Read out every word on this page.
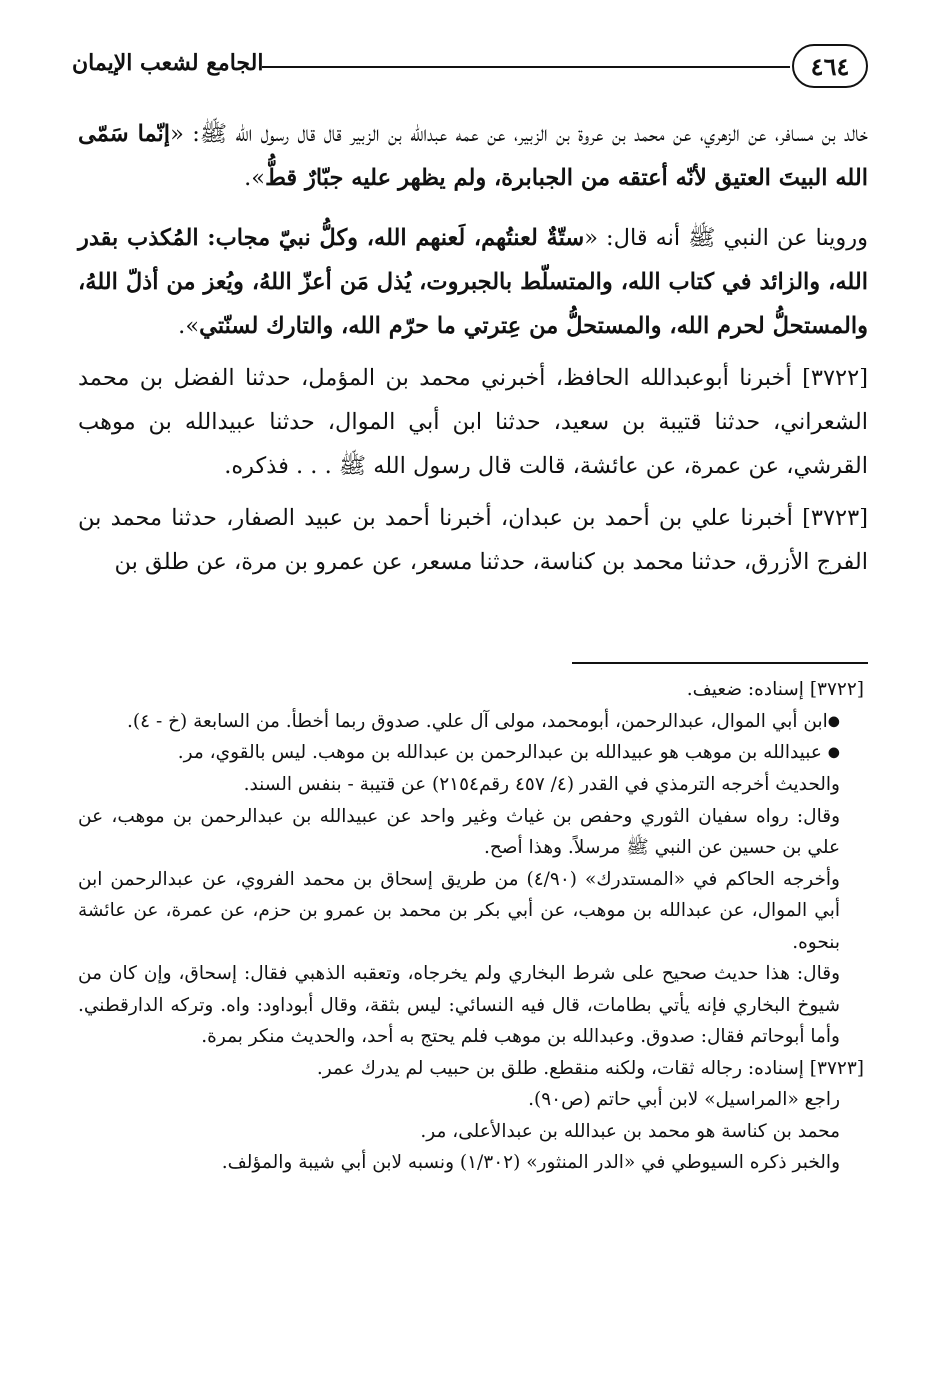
٤٦٤
الجامع لشعب الإيمان

خالد بن مسافر، عن الزهري، عن محمد بن عروة بن الزبير، عن عمه عبدالله بن الزبير قال قال رسول الله ﷺ: «إنّما سَمّى الله البيتَ العتيق لأنّه أعتقه من الجبابرة، ولم يظهر عليه جبّارٌ قطُّ».

وروينا عن النبي ﷺ أنه قال: «ستّةٌ لعنتُهم، لَعنهم الله، وكلُّ نبيّ مجاب: المُكذب بقدر الله، والزائد في كتاب الله، والمتسلّط بالجبروت، يُذل مَن أعزّ اللهُ، ويُعز من أذلّ اللهُ، والمستحلُّ لحرم الله، والمستحلُّ من عِترتي ما حرّم الله، والتارك لسنّتي».

[٣٧٢٢] أخبرنا أبوعبدالله الحافظ، أخبرني محمد بن المؤمل، حدثنا الفضل بن محمد الشعراني، حدثنا قتيبة بن سعيد، حدثنا ابن أبي الموال، حدثنا عبيدالله بن موهب القرشي، عن عمرة، عن عائشة، قالت قال رسول الله ﷺ . . . فذكره.

[٣٧٢٣] أخبرنا علي بن أحمد بن عبدان، أخبرنا أحمد بن عبيد الصفار، حدثنا محمد بن الفرج الأزرق، حدثنا محمد بن كناسة، حدثنا مسعر، عن عمرو بن مرة، عن طلق بن

[٣٧٢٢] إسناده: ضعيف.

●ابن أبي الموال، عبدالرحمن، أبومحمد، مولى آل علي. صدوق ربما أخطأ. من السابعة (خ - ٤).

● عبيدالله بن موهب هو عبيدالله بن عبدالرحمن بن عبدالله بن موهب. ليس بالقوي، مر.

والحديث أخرجه الترمذي في القدر (٤/ ٤٥٧ رقم٢١٥٤) عن قتيبة - بنفس السند.

وقال: رواه سفيان الثوري وحفص بن غياث وغير واحد عن عبيدالله بن عبدالرحمن بن موهب، عن علي بن حسين عن النبي ﷺ مرسلاً. وهذا أصح.

وأخرجه الحاكم في «المستدرك» (٤/٩٠) من طريق إسحاق بن محمد الفروي، عن عبدالرحمن ابن أبي الموال، عن عبدالله بن موهب، عن أبي بكر بن محمد بن عمرو بن حزم، عن عمرة، عن عائشة بنحوه.

وقال: هذا حديث صحيح على شرط البخاري ولم يخرجاه، وتعقبه الذهبي فقال: إسحاق، وإن كان من شيوخ البخاري فإنه يأتي بطامات، قال فيه النسائي: ليس بثقة، وقال أبوداود: واه. وتركه الدارقطني. وأما أبوحاتم فقال: صدوق. وعبدالله بن موهب فلم يحتج به أحد، والحديث منكر بمرة.

[٣٧٢٣] إسناده: رجاله ثقات، ولكنه منقطع. طلق بن حبيب لم يدرك عمر.

راجع «المراسيل» لابن أبي حاتم (ص٩٠).

محمد بن كناسة هو محمد بن عبدالله بن عبدالأعلى، مر.

والخبر ذكره السيوطي في «الدر المنثور» (١/٣٠٢) ونسبه لابن أبي شيبة والمؤلف.
